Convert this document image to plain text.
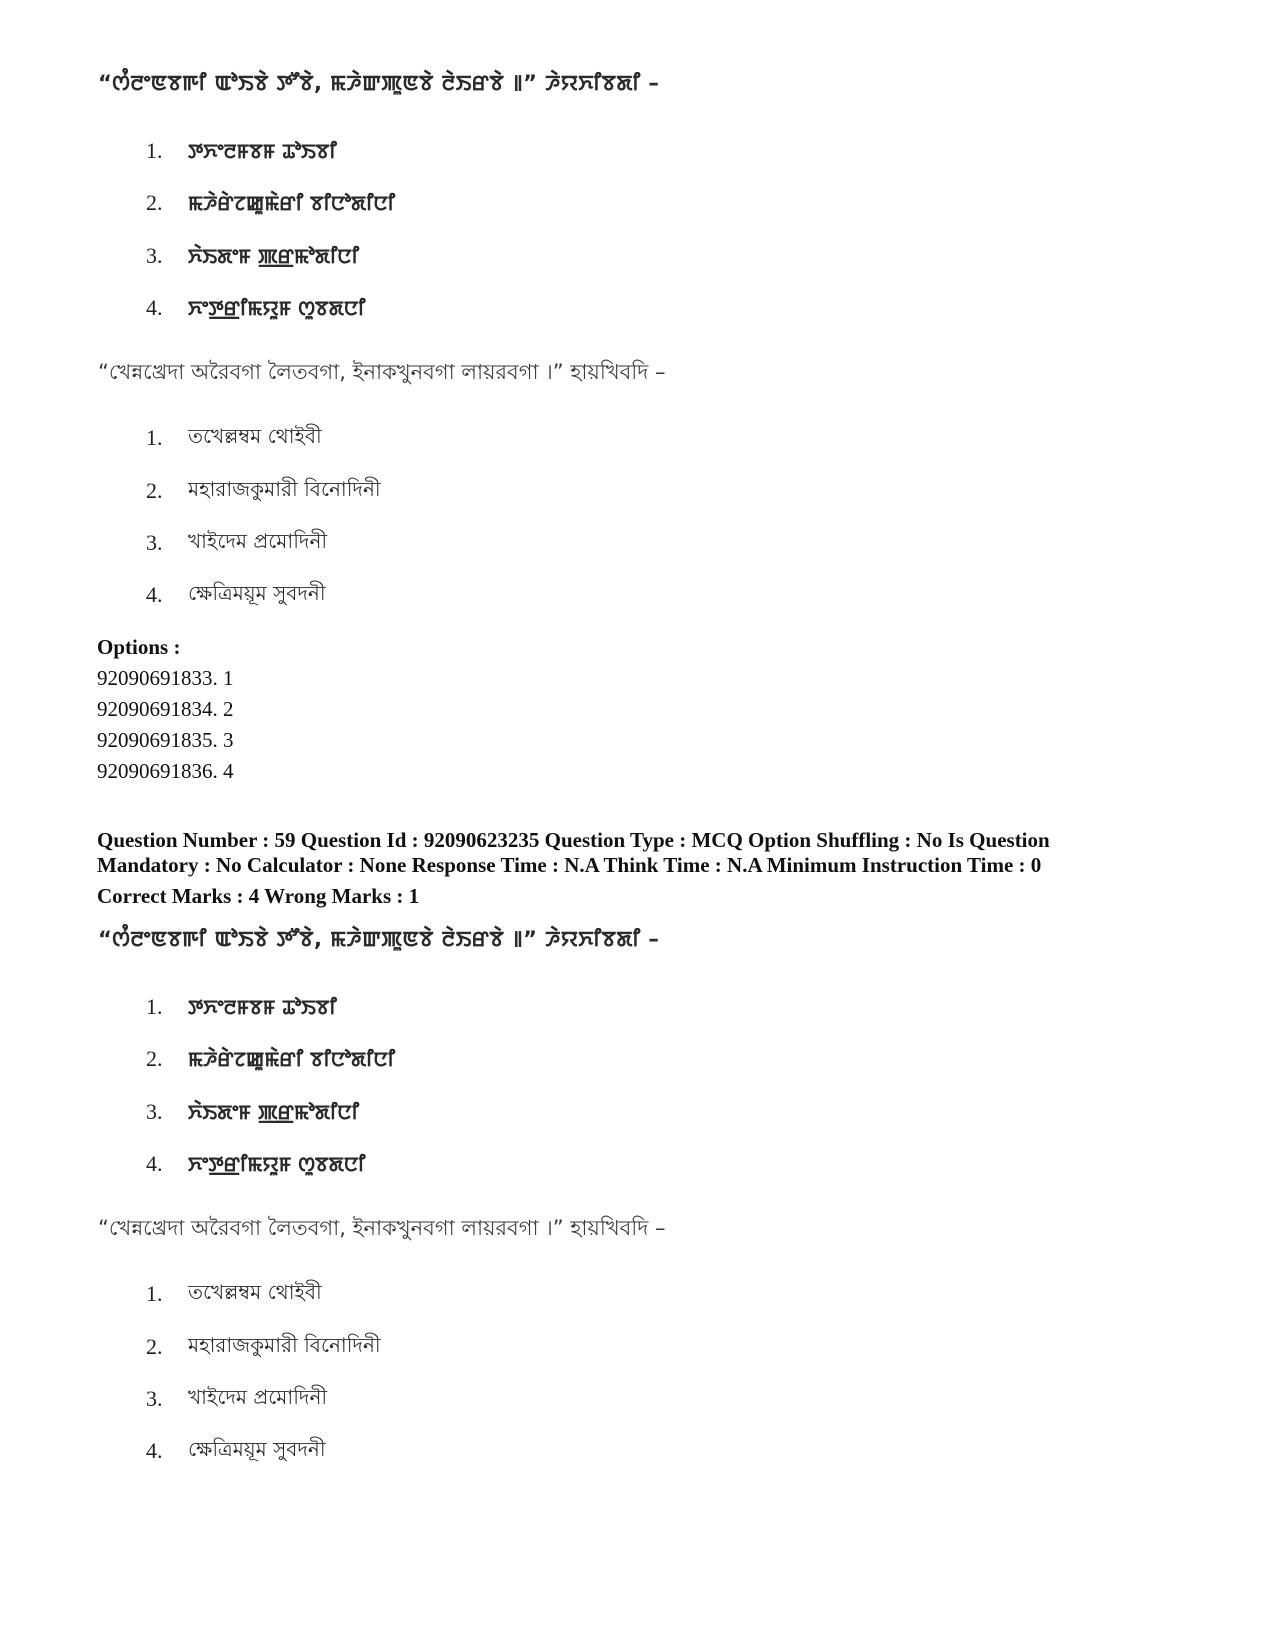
“ꯁꯪꯂꯦꯟꯕꯒꯤ ꯑꯣꯏꯕꯥ ꯇꯧꯕꯥ, ꯃꯍꯥꯛꯄꯨꯟꯕꯥ ꯂꯥꯏꯔꯕꯥ ꯫” ꯍꯥꯌꯈꯤꯕꯗꯤ –
1.	ꯇꯈꯦꯂꯝꯕꯝ ꯊꯣꯏꯕꯤ
2.	ꯃꯍꯥꯔꯥꯖꯀꯨꯃꯥꯔꯤ ꯕꯤꯅꯣꯗꯤꯅꯤ
3.	ꯈꯥꯏꯗꯦꯝ ꯄ꯭ꯔꯃꯣꯗꯤꯅꯤ
4.	ꯈꯦꯇ꯭ꯔꯤꯃꯌꯨꯝ ꯁꯨꯕꯗꯅꯤ
“খেন্নখ্রেদা অরৈবগা লৈতবগা, ইনাকখুনবগা লায়রবগা ।” হায়খিবদি –
1.	তখেল্লম্বম থোইবী
2.	মহারাজকুমারী বিনোদিনী
3.	খাইদেম প্রমোদিনী
4.	ক্ষেত্রিময়ূম সুবদনী
Options :
92090691833. 1
92090691834. 2
92090691835. 3
92090691836. 4
Question Number : 59 Question Id : 92090623235 Question Type : MCQ Option Shuffling : No Is Question
Mandatory : No Calculator : None Response Time : N.A Think Time : N.A Minimum Instruction Time : 0
Correct Marks : 4 Wrong Marks : 1
“ꯁꯪꯂꯦꯟꯕꯒꯤ ꯑꯣꯏꯕꯥ ꯇꯧꯕꯥ, ꯃꯍꯥꯛꯄꯨꯟꯕꯥ ꯂꯥꯏꯔꯕꯥ ꯫” ꯍꯥꯌꯈꯤꯕꯗꯤ –
1.	ꯇꯈꯦꯂꯝꯕꯝ ꯊꯣꯏꯕꯤ
2.	ꯃꯍꯥꯔꯥꯖꯀꯨꯃꯥꯔꯤ ꯕꯤꯅꯣꯗꯤꯅꯤ
3.	ꯈꯥꯏꯗꯦꯝ ꯄ꯭ꯔꯃꯣꯗꯤꯅꯤ
4.	ꯈꯦꯇ꯭ꯔꯤꯃꯌꯨꯝ ꯁꯨꯕꯗꯅꯤ
“খেন্নখ্রেদা অরৈবগা লৈতবগা, ইনাকখুনবগা লায়রবগা ।” হায়খিবদি –
1.	তখেল্লম্বম থোইবী
2.	মহারাজকুমারী বিনোদিনী
3.	খাইদেম প্রমোদিনী
4.	ক্ষেত্রিময়ূম সুবদনী
